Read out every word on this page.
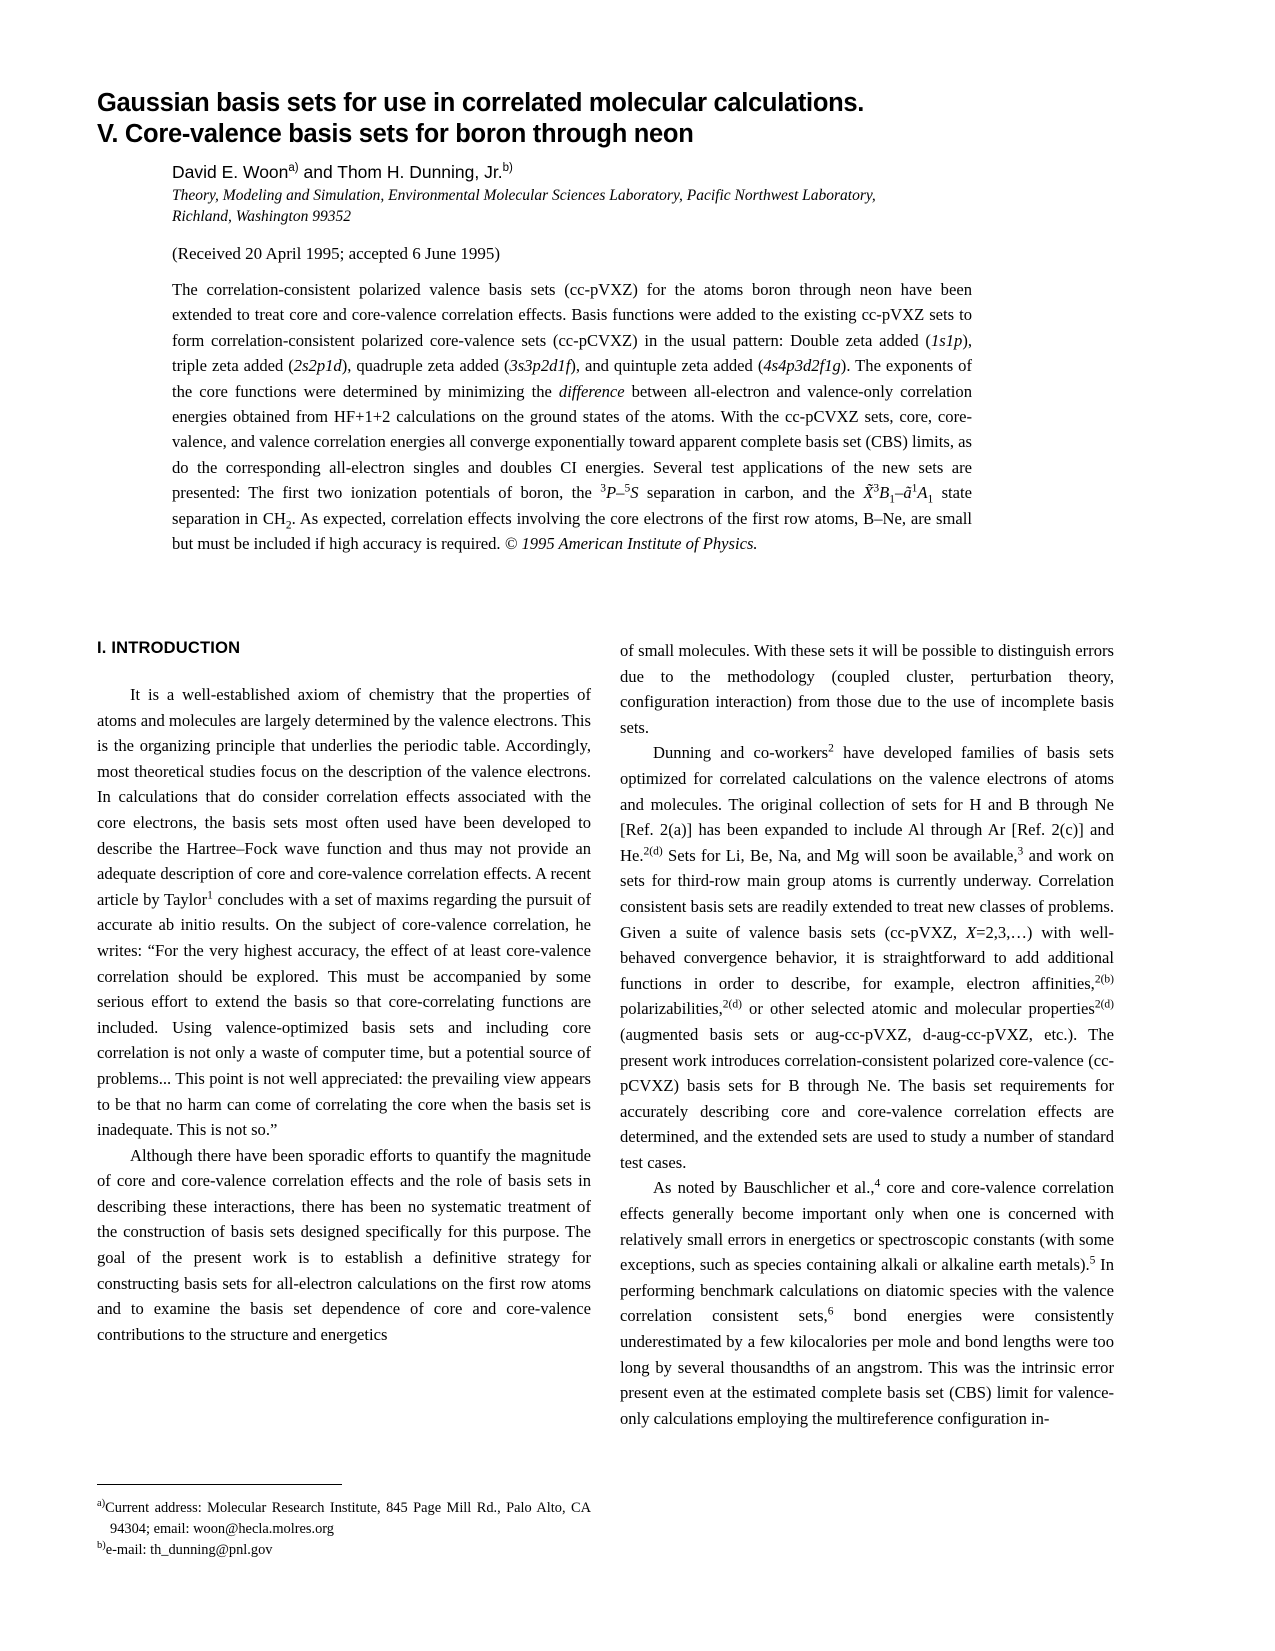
Gaussian basis sets for use in correlated molecular calculations.
V. Core-valence basis sets for boron through neon

David E. Woon$^{a)}$ and Thom H. Dunning, Jr.$^{b)}$

Theory, Modeling and Simulation, Environmental Molecular Sciences Laboratory, Pacific Northwest Laboratory, Richland, Washington 99352

(Received 20 April 1995; accepted 6 June 1995)
The correlation-consistent polarized valence basis sets (cc-pVXZ) for the atoms boron through neon have been extended to treat core and core-valence correlation effects. Basis functions were added to the existing cc-pVXZ sets to form correlation-consistent polarized core-valence sets (cc-pCVXZ) in the usual pattern: Double zeta added (1s1p), triple zeta added (2s2p1d), quadruple zeta added (3s3p2d1f), and quintuple zeta added (4s4p3d2f1g). The exponents of the core functions were determined by minimizing the difference between all-electron and valence-only correlation energies obtained from HF+1+2 calculations on the ground states of the atoms. With the cc-pCVXZ sets, core, core-valence, and valence correlation energies all converge exponentially toward apparent complete basis set (CBS) limits, as do the corresponding all-electron singles and doubles CI energies. Several test applications of the new sets are presented: The first two ionization potentials of boron, the $^3$P–$^5$S separation in carbon, and the $X̃^3B_1-ã^1A_1$ state separation in $CH_2$. As expected, correlation effects involving the core electrons of the first row atoms, B–Ne, are small but must be included if high accuracy is required. © 1995 American Institute of Physics.
I. INTRODUCTION

It is a well-established axiom of chemistry that the properties of atoms and molecules are largely determined by the valence electrons. This is the organizing principle that underlies the periodic table. Accordingly, most theoretical studies focus on the description of the valence electrons. In calculations that do consider correlation effects associated with the core electrons, the basis sets most often used have been developed to describe the Hartree–Fock wave function and thus may not provide an adequate description of core and core-valence correlation effects. A recent article by Taylor$^1$ concludes with a set of maxims regarding the pursuit of accurate ab initio results. On the subject of core-valence correlation, he writes: “For the very highest accuracy, the effect of at least core-valence correlation should be explored. This must be accompanied by some serious effort to extend the basis so that core-correlating functions are included. Using valence-optimized basis sets and including core correlation is not only a waste of computer time, but a potential source of problems... This point is not well appreciated: the prevailing view appears to be that no harm can come of correlating the core when the basis set is inadequate. This is not so.”

Although there have been sporadic efforts to quantify the magnitude of core and core-valence correlation effects and the role of basis sets in describing these interactions, there has been no systematic treatment of the construction of basis sets designed specifically for this purpose. The goal of the present work is to establish a definitive strategy for constructing basis sets for all-electron calculations on the first row atoms and to examine the basis set dependence of core and core-valence contributions to the structure and energetics

of small molecules. With these sets it will be possible to distinguish errors due to the methodology (coupled cluster, perturbation theory, configuration interaction) from those due to the use of incomplete basis sets.

Dunning and co-workers$^2$ have developed families of basis sets optimized for correlated calculations on the valence electrons of atoms and molecules. The original collection of sets for H and B through Ne [Ref. 2(a)] has been expanded to include Al through Ar [Ref. 2(c)] and He.$^{2(d)}$ Sets for Li, Be, Na, and Mg will soon be available,$^3$ and work on sets for third-row main group atoms is currently underway. Correlation consistent basis sets are readily extended to treat new classes of problems. Given a suite of valence basis sets (cc-pVXZ, X=2,3,…) with well-behaved convergence behavior, it is straightforward to add additional functions in order to describe, for example, electron affinities,$^{2(b)}$ polarizabilities,$^{2(d)}$ or other selected atomic and molecular properties$^{2(d)}$ (augmented basis sets or aug-cc-pVXZ, d-aug-cc-pVXZ, etc.). The present work introduces correlation-consistent polarized core-valence (cc-pCVXZ) basis sets for B through Ne. The basis set requirements for accurately describing core and core-valence correlation effects are determined, and the extended sets are used to study a number of standard test cases.

As noted by Bauschlicher et al.,$^4$ core and core-valence correlation effects generally become important only when one is concerned with relatively small errors in energetics or spectroscopic constants (with some exceptions, such as species containing alkali or alkaline earth metals).$^5$ In performing benchmark calculations on diatomic species with the valence correlation consistent sets,$^6$ bond energies were consistently underestimated by a few kilocalories per mole and bond lengths were too long by several thousandths of an angstrom. This was the intrinsic error present even at the estimated complete basis set (CBS) limit for valence-only calculations employing the multireference configuration in-

$^{a)}$Current address: Molecular Research Institute, 845 Page Mill Rd., Palo Alto, CA 94304; email: woon@hecla.molres.org

$^{b)}$e-mail: th_dunning@pnl.gov
